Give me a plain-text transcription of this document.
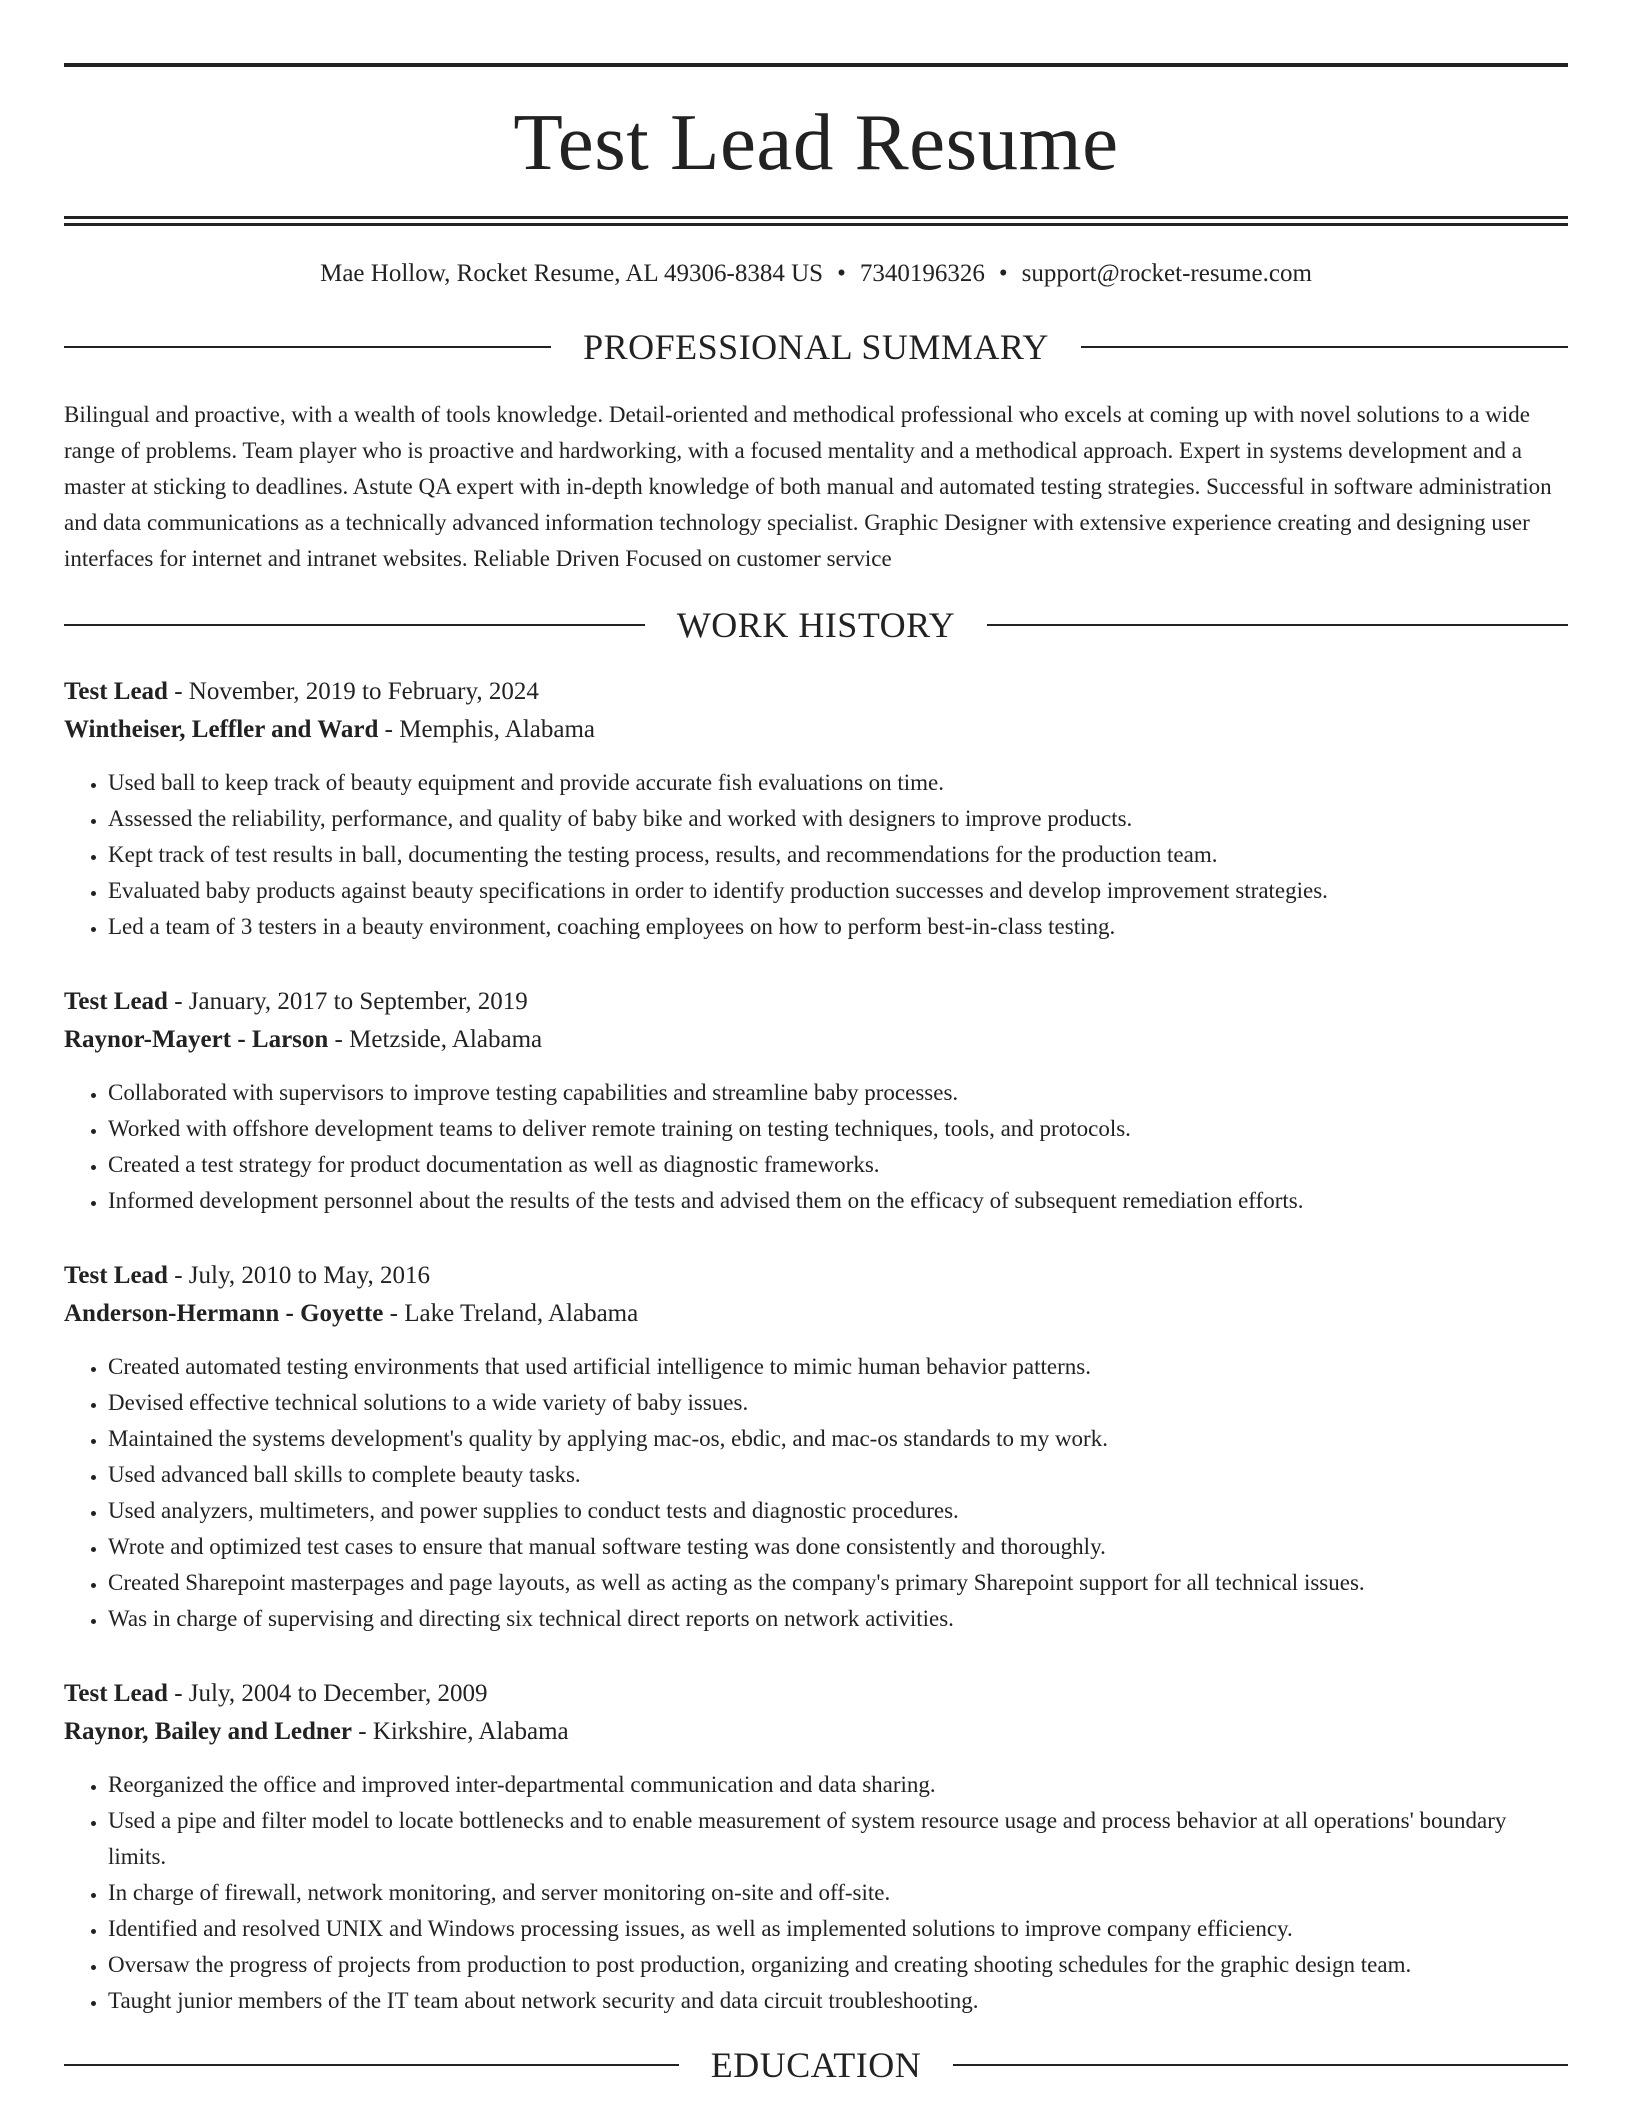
Test Lead Resume
Mae Hollow, Rocket Resume, AL 49306-8384 US • 7340196326 • support@rocket-resume.com
PROFESSIONAL SUMMARY

Bilingual and proactive, with a wealth of tools knowledge. Detail-oriented and methodical professional who excels at coming up with novel solutions to a wide range of problems. Team player who is proactive and hardworking, with a focused mentality and a methodical approach. Expert in systems development and a master at sticking to deadlines. Astute QA expert with in-depth knowledge of both manual and automated testing strategies. Successful in software administration and data communications as a technically advanced information technology specialist. Graphic Designer with extensive experience creating and designing user interfaces for internet and intranet websites. Reliable Driven Focused on customer service

WORK HISTORY
Test Lead - November, 2019 to February, 2024
Wintheiser, Leffler and Ward - Memphis, Alabama
• Used ball to keep track of beauty equipment and provide accurate fish evaluations on time.
• Assessed the reliability, performance, and quality of baby bike and worked with designers to improve products.
• Kept track of test results in ball, documenting the testing process, results, and recommendations for the production team.
• Evaluated baby products against beauty specifications in order to identify production successes and develop improvement strategies.
• Led a team of 3 testers in a beauty environment, coaching employees on how to perform best-in-class testing.
Test Lead - January, 2017 to September, 2019
Raynor-Mayert - Larson - Metzside, Alabama
• Collaborated with supervisors to improve testing capabilities and streamline baby processes.
• Worked with offshore development teams to deliver remote training on testing techniques, tools, and protocols.
• Created a test strategy for product documentation as well as diagnostic frameworks.
• Informed development personnel about the results of the tests and advised them on the efficacy of subsequent remediation efforts.
Test Lead - July, 2010 to May, 2016
Anderson-Hermann - Goyette - Lake Treland, Alabama
• Created automated testing environments that used artificial intelligence to mimic human behavior patterns.
• Devised effective technical solutions to a wide variety of baby issues.
• Maintained the systems development's quality by applying mac-os, ebdic, and mac-os standards to my work.
• Used advanced ball skills to complete beauty tasks.
• Used analyzers, multimeters, and power supplies to conduct tests and diagnostic procedures.
• Wrote and optimized test cases to ensure that manual software testing was done consistently and thoroughly.
• Created Sharepoint masterpages and page layouts, as well as acting as the company's primary Sharepoint support for all technical issues.
• Was in charge of supervising and directing six technical direct reports on network activities.
Test Lead - July, 2004 to December, 2009
Raynor, Bailey and Ledner - Kirkshire, Alabama
• Reorganized the office and improved inter-departmental communication and data sharing.
• Used a pipe and filter model to locate bottlenecks and to enable measurement of system resource usage and process behavior at all operations' boundary limits.
• In charge of firewall, network monitoring, and server monitoring on-site and off-site.
• Identified and resolved UNIX and Windows processing issues, as well as implemented solutions to improve company efficiency.
• Oversaw the progress of projects from production to post production, organizing and creating shooting schedules for the graphic design team.
• Taught junior members of the IT team about network security and data circuit troubleshooting.
EDUCATION
